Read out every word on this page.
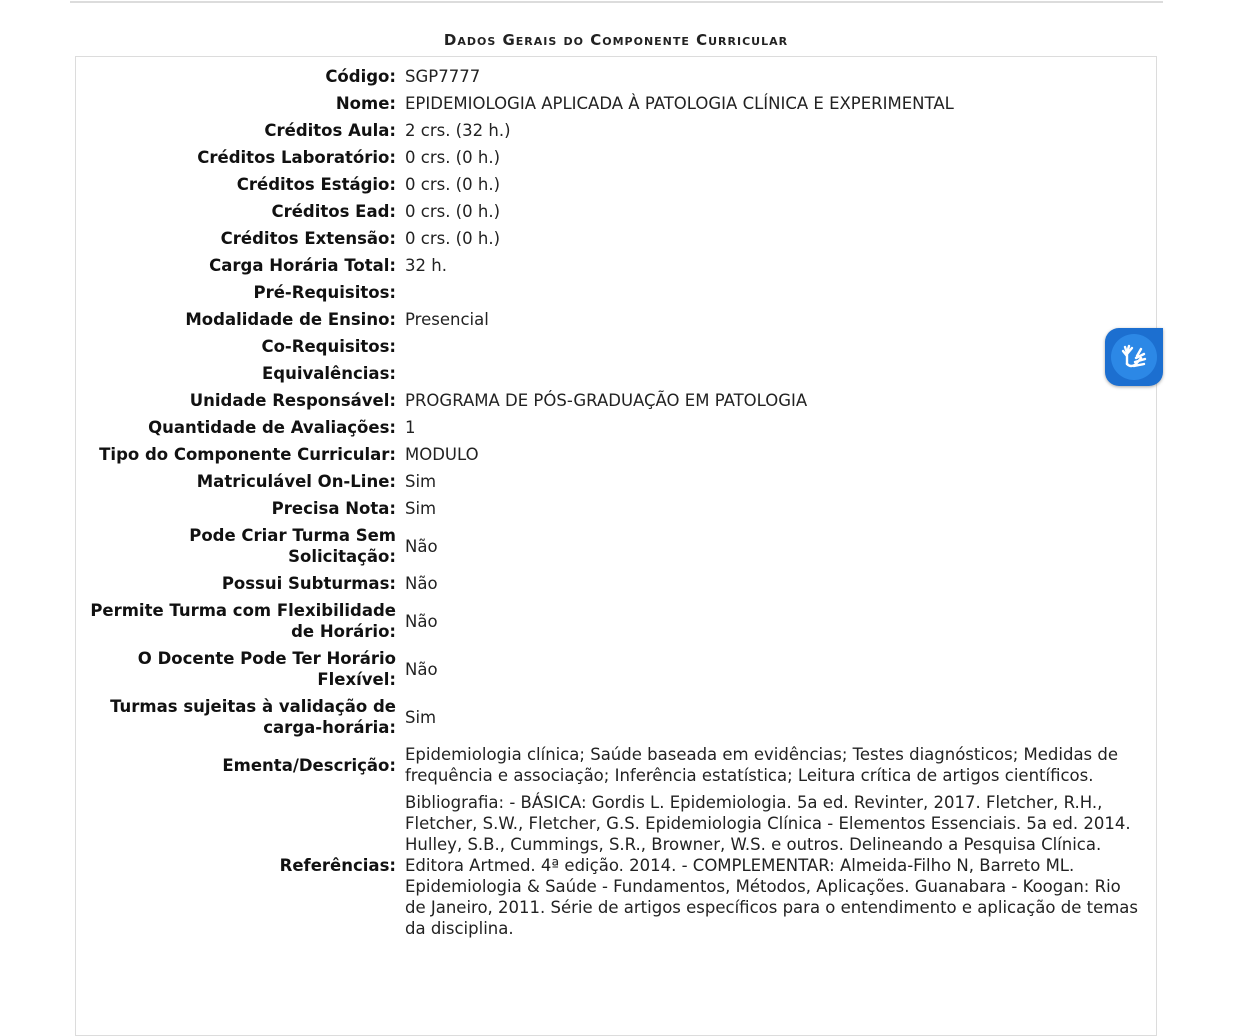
Dados Gerais do Componente Curricular
Código:	SGP7777
Nome:	EPIDEMIOLOGIA APLICADA À PATOLOGIA CLÍNICA E EXPERIMENTAL
Créditos Aula:	2 crs. (32 h.)
Créditos Laboratório:	0 crs. (0 h.)
Créditos Estágio:	0 crs. (0 h.)
Créditos Ead:	0 crs. (0 h.)
Créditos Extensão:	0 crs. (0 h.)
Carga Horária Total:	32 h.
Pré-Requisitos:	
Modalidade de Ensino:	Presencial
Co-Requisitos:	
Equivalências:	
Unidade Responsável:	PROGRAMA DE PÓS-GRADUAÇÃO EM PATOLOGIA
Quantidade de Avaliações:	1
Tipo do Componente Curricular:	MODULO
Matriculável On-Line:	Sim
Precisa Nota:	Sim
Pode Criar Turma Sem Solicitação:	Não
Possui Subturmas:	Não
Permite Turma com Flexibilidade de Horário:	Não
O Docente Pode Ter Horário Flexível:	Não
Turmas sujeitas à validação de carga-horária:	Sim
Ementa/Descrição:	Epidemiologia clínica; Saúde baseada em evidências; Testes diagnósticos; Medidas de frequência e associação; Inferência estatística; Leitura crítica de artigos científicos.
Referências:	Bibliografia: - BÁSICA: Gordis L. Epidemiologia. 5a ed. Revinter, 2017. Fletcher, R.H., Fletcher, S.W., Fletcher, G.S. Epidemiologia Clínica - Elementos Essenciais. 5a ed. 2014. Hulley, S.B., Cummings, S.R., Browner, W.S. e outros. Delineando a Pesquisa Clínica. Editora Artmed. 4ª edição. 2014. - COMPLEMENTAR: Almeida-Filho N, Barreto ML. Epidemiologia & Saúde - Fundamentos, Métodos, Aplicações. Guanabara - Koogan: Rio de Janeiro, 2011. Série de artigos específicos para o entendimento e aplicação de temas da disciplina.
